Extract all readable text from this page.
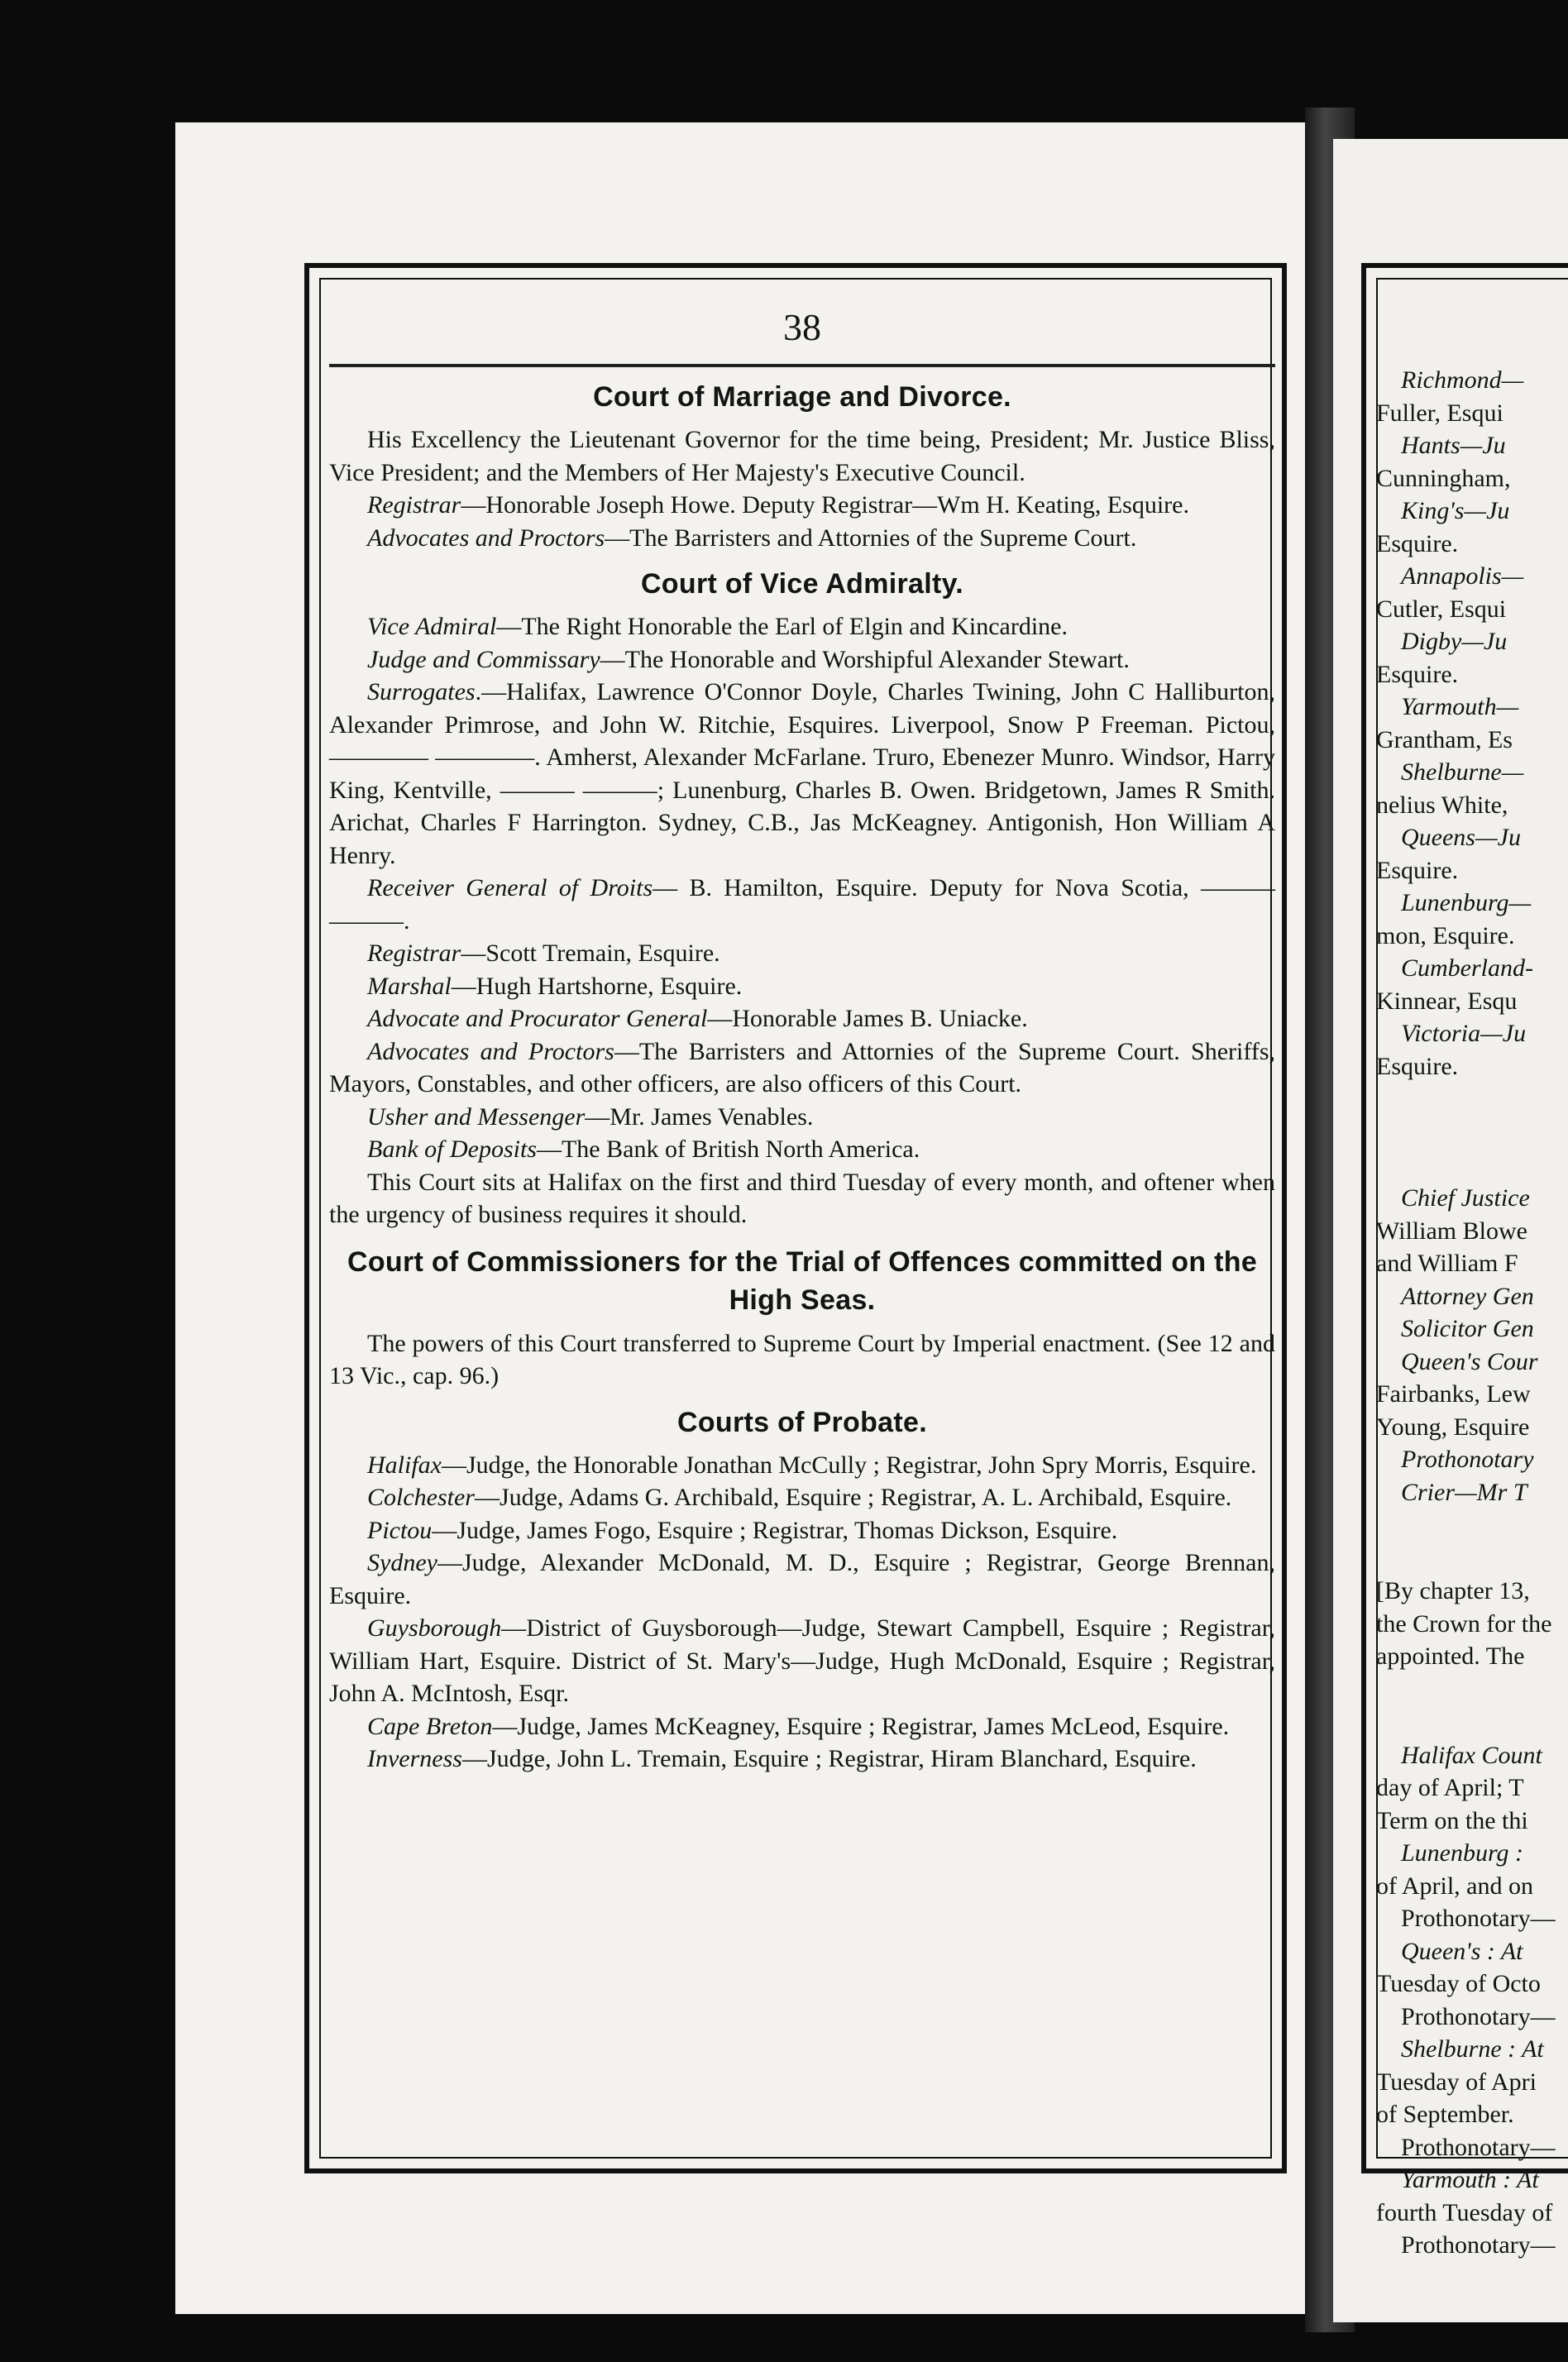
38
Court of Marriage and Divorce.

His Excellency the Lieutenant Governor for the time being, President; Mr. Justice Bliss, Vice President; and the Members of Her Majesty's Executive Council.

Registrar—Honorable Joseph Howe. Deputy Registrar—Wm H. Keating, Esquire.

Advocates and Proctors—The Barristers and Attornies of the Supreme Court.

Court of Vice Admiralty.

Vice Admiral—The Right Honorable the Earl of Elgin and Kincardine.

Judge and Commissary—The Honorable and Worshipful Alexander Stewart.

Surrogates.—Halifax, Lawrence O'Connor Doyle, Charles Twining, John C Halliburton, Alexander Primrose, and John W. Ritchie, Esquires. Liverpool, Snow P Freeman. Pictou, ———— ————. Amherst, Alexander McFarlane. Truro, Ebenezer Munro. Windsor, Harry King, Kentville, ——— ———; Lunenburg, Charles B. Owen. Bridgetown, James R Smith. Arichat, Charles F Harrington. Sydney, C.B., Jas McKeagney. Antigonish, Hon William A Henry.

Receiver General of Droits— B. Hamilton, Esquire. Deputy for Nova Scotia, ——— ———.

Registrar—Scott Tremain, Esquire.

Marshal—Hugh Hartshorne, Esquire.

Advocate and Procurator General—Honorable James B. Uniacke.

Advocates and Proctors—The Barristers and Attornies of the Supreme Court. Sheriffs, Mayors, Constables, and other officers, are also officers of this Court.

Usher and Messenger—Mr. James Venables.

Bank of Deposits—The Bank of British North America.

This Court sits at Halifax on the first and third Tuesday of every month, and oftener when the urgency of business requires it should.

Court of Commissioners for the Trial of Offences committed on the High Seas.

The powers of this Court transferred to Supreme Court by Imperial enactment. (See 12 and 13 Vic., cap. 96.)

Courts of Probate.

Halifax—Judge, the Honorable Jonathan McCully ; Registrar, John Spry Morris, Esquire.

Colchester—Judge, Adams G. Archibald, Esquire ; Registrar, A. L. Archibald, Esquire.

Pictou—Judge, James Fogo, Esquire ; Registrar, Thomas Dickson, Esquire.

Sydney—Judge, Alexander McDonald, M. D., Esquire ; Registrar, George Brennan, Esquire.

Guysborough—District of Guysborough—Judge, Stewart Campbell, Esquire ; Registrar, William Hart, Esquire. District of St. Mary's—Judge, Hugh McDonald, Esquire ; Registrar, John A. McIntosh, Esqr.

Cape Breton—Judge, James McKeagney, Esquire ; Registrar, James McLeod, Esquire.

Inverness—Judge, John L. Tremain, Esquire ; Registrar, Hiram Blanchard, Esquire.

Richmond—
Fuller, Esqui
Hants—Ju
Cunningham,
King's—Ju
Esquire.
Annapolis—
Cutler, Esqui
Digby—Ju
Esquire.
Yarmouth—
Grantham, Es
Shelburne—
nelius White,
Queens—Ju
Esquire.
Lunenburg—
mon, Esquire.
Cumberland-
Kinnear, Esqu
Victoria—Ju
Esquire.
Chief Justice
William Blowe
and William F
Attorney Gen
Solicitor Gen
Queen's Cour
Fairbanks, Lew
Young, Esquire
Prothonotary
Crier—Mr T
[By chapter 13,
the Crown for the
appointed. The
Halifax Count
day of April; T
Term on the thi
Lunenburg :
of April, and on
Prothonotary—
Queen's : At
Tuesday of Octo
Prothonotary—
Shelburne : At
Tuesday of Apri
of September.
Prothonotary—
Yarmouth : At
fourth Tuesday of
Prothonotary—
